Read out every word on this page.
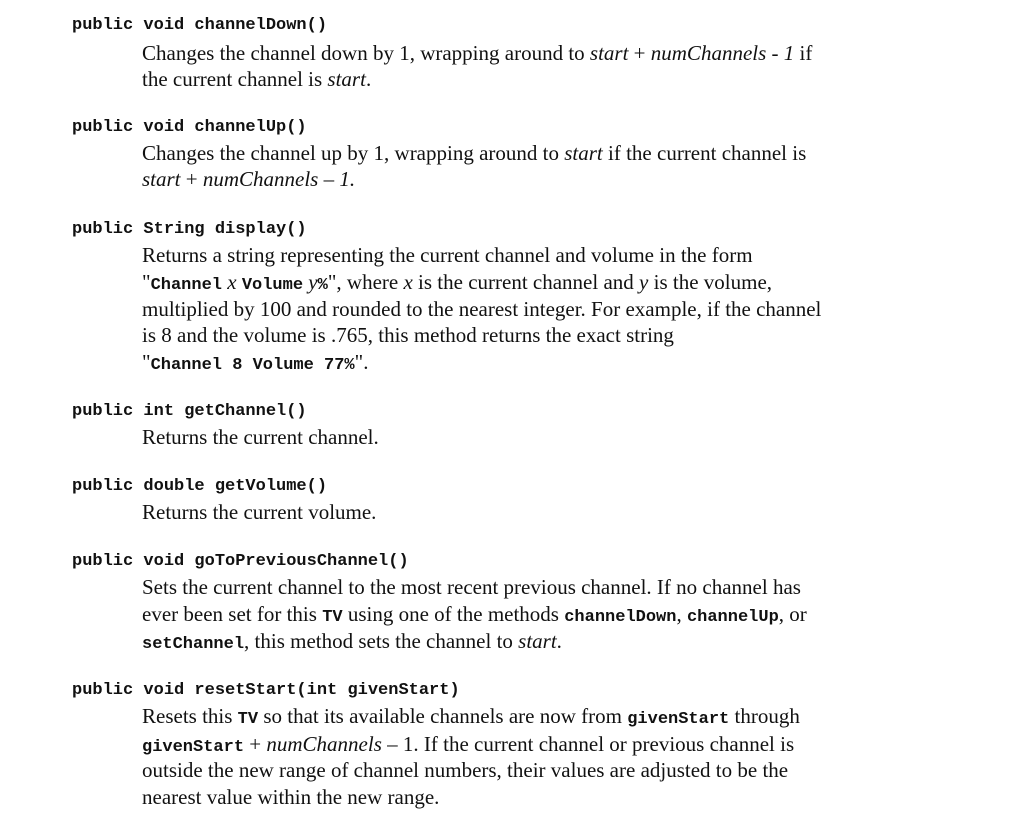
public void channelDown()
Changes the channel down by 1, wrapping around to start + numChannels - 1 if
the current channel is start.
public void channelUp()
Changes the channel up by 1, wrapping around to start if the current channel is
start + numChannels – 1.
public String display()
Returns a string representing the current channel and volume in the form
"Channel x Volume y%", where x is the current channel and y is the volume,
multiplied by 100 and rounded to the nearest integer. For example, if the channel
is 8 and the volume is .765, this method returns the exact string
"Channel 8 Volume 77%".
public int getChannel()
Returns the current channel.
public double getVolume()
Returns the current volume.
public void goToPreviousChannel()
Sets the current channel to the most recent previous channel. If no channel has
ever been set for this TV using one of the methods channelDown, channelUp, or
setChannel, this method sets the channel to start.
public void resetStart(int givenStart)
Resets this TV so that its available channels are now from givenStart through
givenStart + numChannels – 1. If the current channel or previous channel is
outside the new range of channel numbers, their values are adjusted to be the
nearest value within the new range.
